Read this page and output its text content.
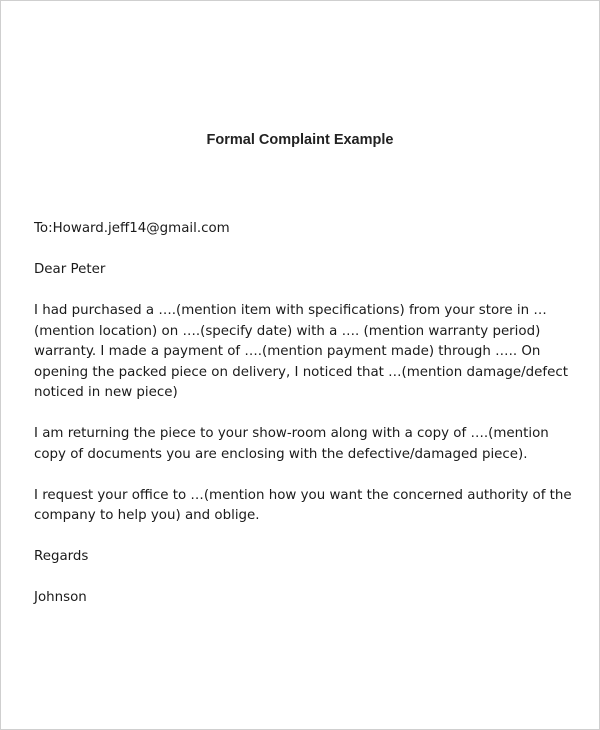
Formal Complaint Example

To:Howard.jeff14@gmail.com

Dear Peter

I had purchased a ….(mention item with specifications) from your store in … (mention location) on ….(specify date) with a …. (mention warranty period) warranty. I made a payment of ….(mention payment made) through ….. On opening the packed piece on delivery, I noticed that …(mention damage/defect noticed in new piece)

I am returning the piece to your show-room along with a copy of ….(mention copy of documents you are enclosing with the defective/damaged piece).

I request your office to …(mention how you want the concerned authority of the company to help you) and oblige.

Regards

Johnson
